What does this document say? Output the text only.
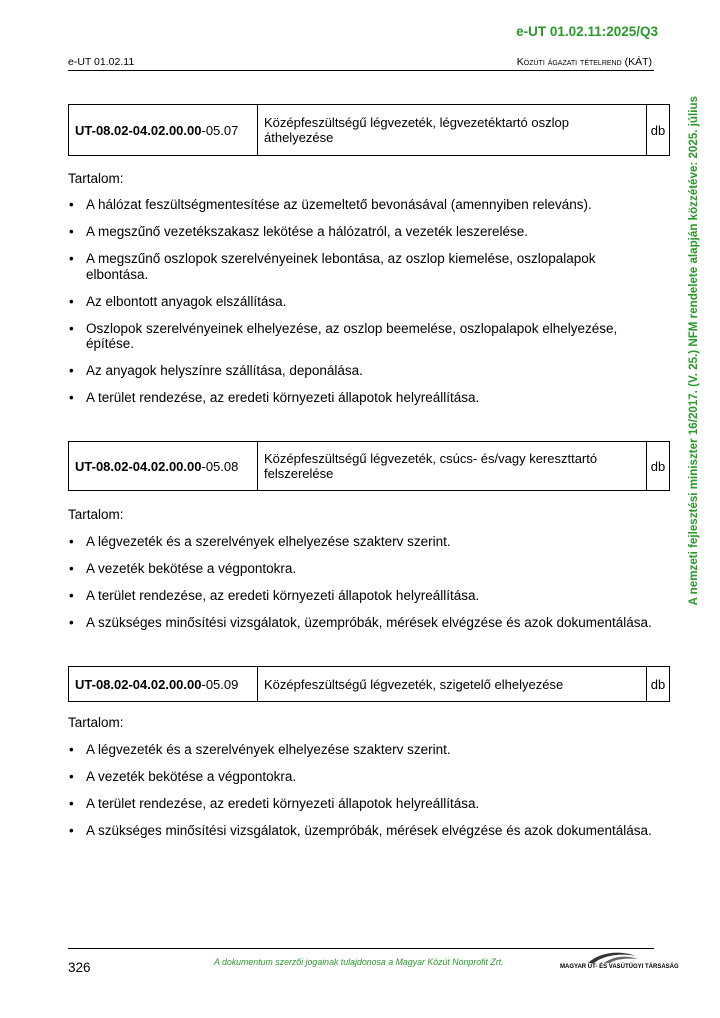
e-UT 01.02.11:2025/Q3
e-UT 01.02.11	Közúti ágazati tételrend (KÁT)
A nemzeti fejlesztési miniszter 16/2017. (V. 25.) NFM rendelete alapján közzétéve: 2025. július
UT-08.02-04.02.00.00-05.07	Középfeszültségű légvezeték, légvezetéktartó oszlop áthelyezése	db
Tartalom:
• A hálózat feszültségmentesítése az üzemeltető bevonásával (amennyiben releváns).
• A megszűnő vezetékszakasz lekötése a hálózatról, a vezeték leszerelése.
• A megszűnő oszlopok szerelvényeinek lebontása, az oszlop kiemelése, oszlopalapok elbontása.
• Az elbontott anyagok elszállítása.
• Oszlopok szerelvényeinek elhelyezése, az oszlop beemelése, oszlopalapok elhelyezése, építése.
• Az anyagok helyszínre szállítása, deponálása.
• A terület rendezése, az eredeti környezeti állapotok helyreállítása.
UT-08.02-04.02.00.00-05.08	Középfeszültségű légvezeték, csúcs- és/vagy kereszttartó felszerelése	db
Tartalom:
• A légvezeték és a szerelvények elhelyezése szakterv szerint.
• A vezeték bekötése a végpontokra.
• A terület rendezése, az eredeti környezeti állapotok helyreállítása.
• A szükséges minősítési vizsgálatok, üzempróbák, mérések elvégzése és azok dokumentálása.
UT-08.02-04.02.00.00-05.09	Középfeszültségű légvezeték, szigetelő elhelyezése	db
Tartalom:
• A légvezeték és a szerelvények elhelyezése szakterv szerint.
• A vezeték bekötése a végpontokra.
• A terület rendezése, az eredeti környezeti állapotok helyreállítása.
• A szükséges minősítési vizsgálatok, üzempróbák, mérések elvégzése és azok dokumentálása.
326	A dokumentum szerzői jogainak tulajdonosa a Magyar Közút Nonprofit Zrt.	MAGYAR ÚT- ÉS VASÚTÜGYI TÁRSASÁG
